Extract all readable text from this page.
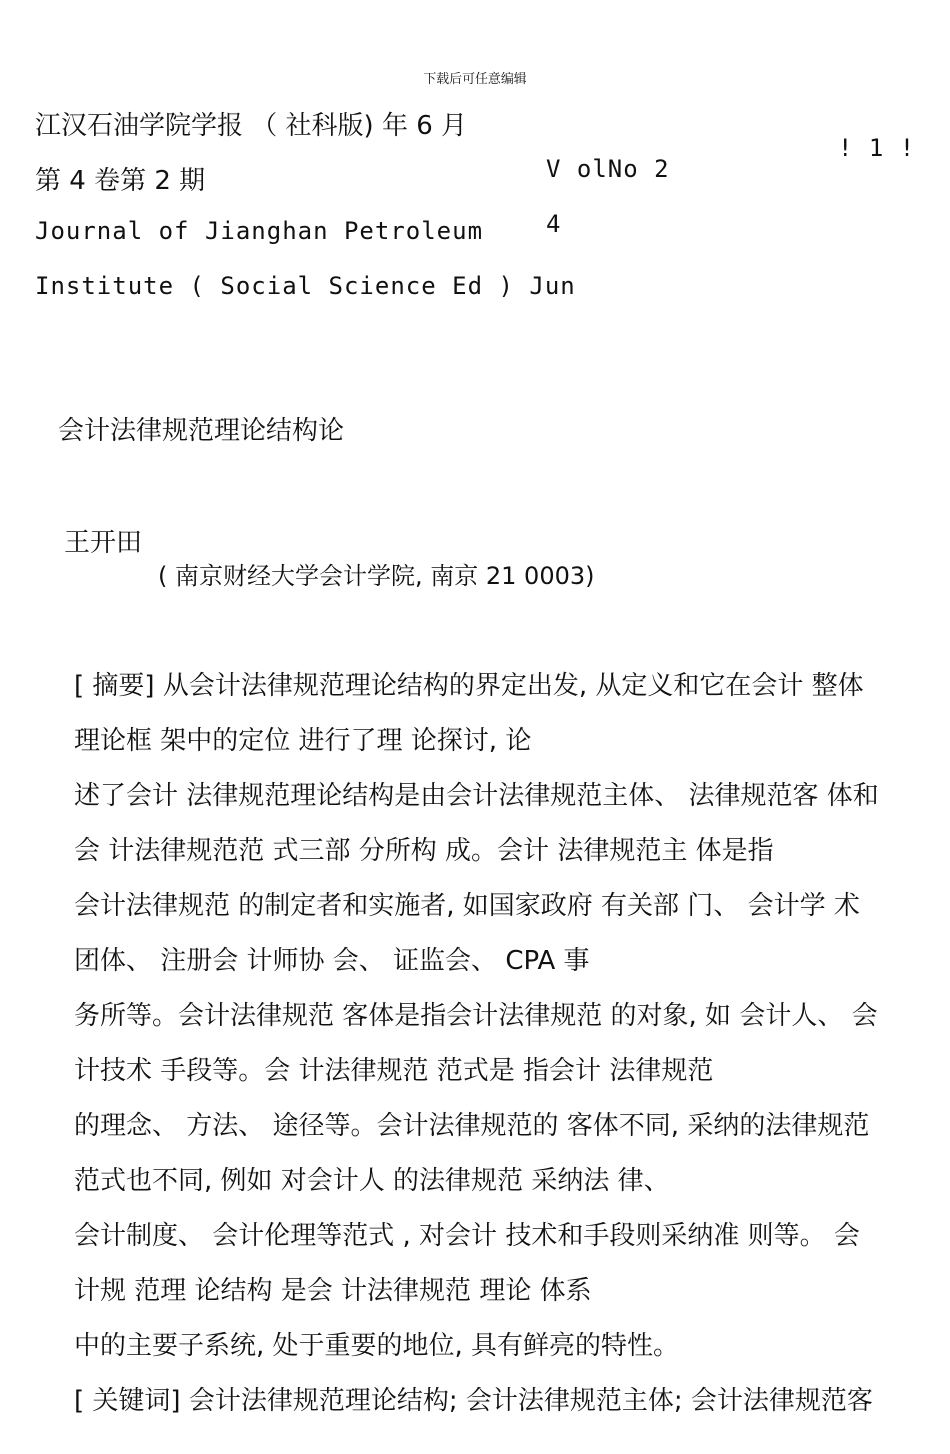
下载后可任意编辑
江汉石油学院学报 （ 社科版) 年 6 月
第 4 卷第 2 期
Journal of Jianghan Petroleum
Institute ( Social Science Ed ) Jun
V olNo 2
4
! 1 !
会计法律规范理论结构论
王开田
( 南京财经大学会计学院, 南京 21 0003)
[ 摘要] 从会计法律规范理论结构的界定出发, 从定义和它在会计 整体
理论框 架中的定位 进行了理 论探讨, 论
述了会计 法律规范理论结构是由会计法律规范主体、 法律规范客 体和
会 计法律规范范 式三部 分所构 成。会计 法律规范主 体是指
会计法律规范 的制定者和实施者, 如国家政府 有关部 门、 会计学 术
团体、 注册会 计师协 会、 证监会、 CPA 事
务所等。会计法律规范 客体是指会计法律规范 的对象, 如 会计人、 会
计技术 手段等。会 计法律规范 范式是 指会计 法律规范
的理念、 方法、 途径等。会计法律规范的 客体不同, 采纳的法律规范
范式也不同, 例如 对会计人 的法律规范 采纳法 律、
会计制度、 会计伦理等范式 , 对会计 技术和手段则采纳准 则等。 会
计规 范理 论结构 是会 计法律规范 理论 体系
中的主要子系统, 处于重要的地位, 具有鲜亮的特性。
[ 关键词] 会计法律规范理论结构; 会计法律规范主体; 会计法律规范客
